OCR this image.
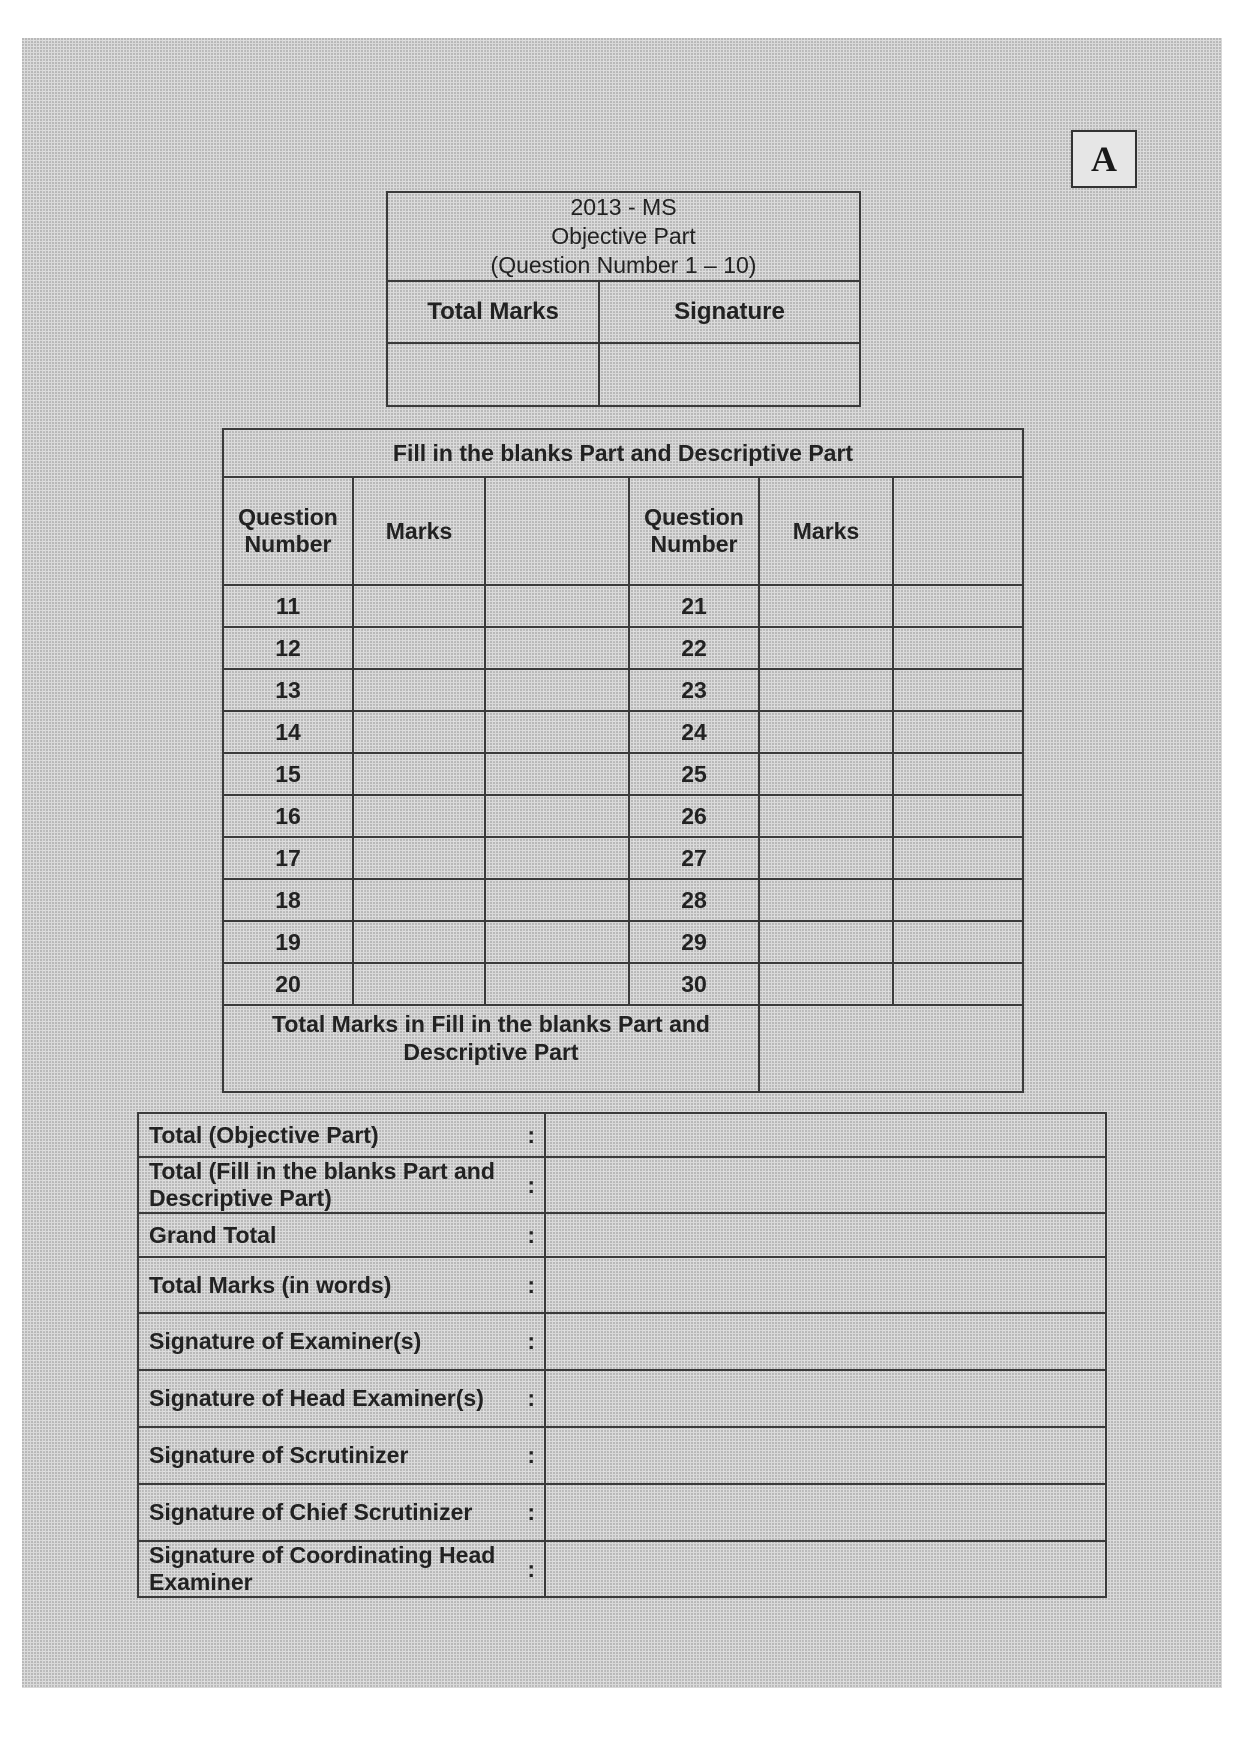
A
2013 - MS
Objective Part
(Question Number 1 – 10)	

Total Marks	Signature

Fill in the blanks Part and Descriptive Part					
Question Number	Marks		Question Number	Marks	
11			21		
12			22		
13			23		
14			24		
15			25		
16			26		
17			27		
18			28		
19			29		
20			30		
Total Marks in Fill in the blanks Part and Descriptive Part					
Total (Objective Part)	:	
Total (Fill in the blanks Part and Descriptive Part)	:	
Grand Total	:	
Total Marks (in words)	:	
Signature of Examiner(s)	:	
Signature of Head Examiner(s)	:	
Signature of Scrutinizer	:	
Signature of Chief Scrutinizer	:	
Signature of Coordinating Head Examiner	:	
